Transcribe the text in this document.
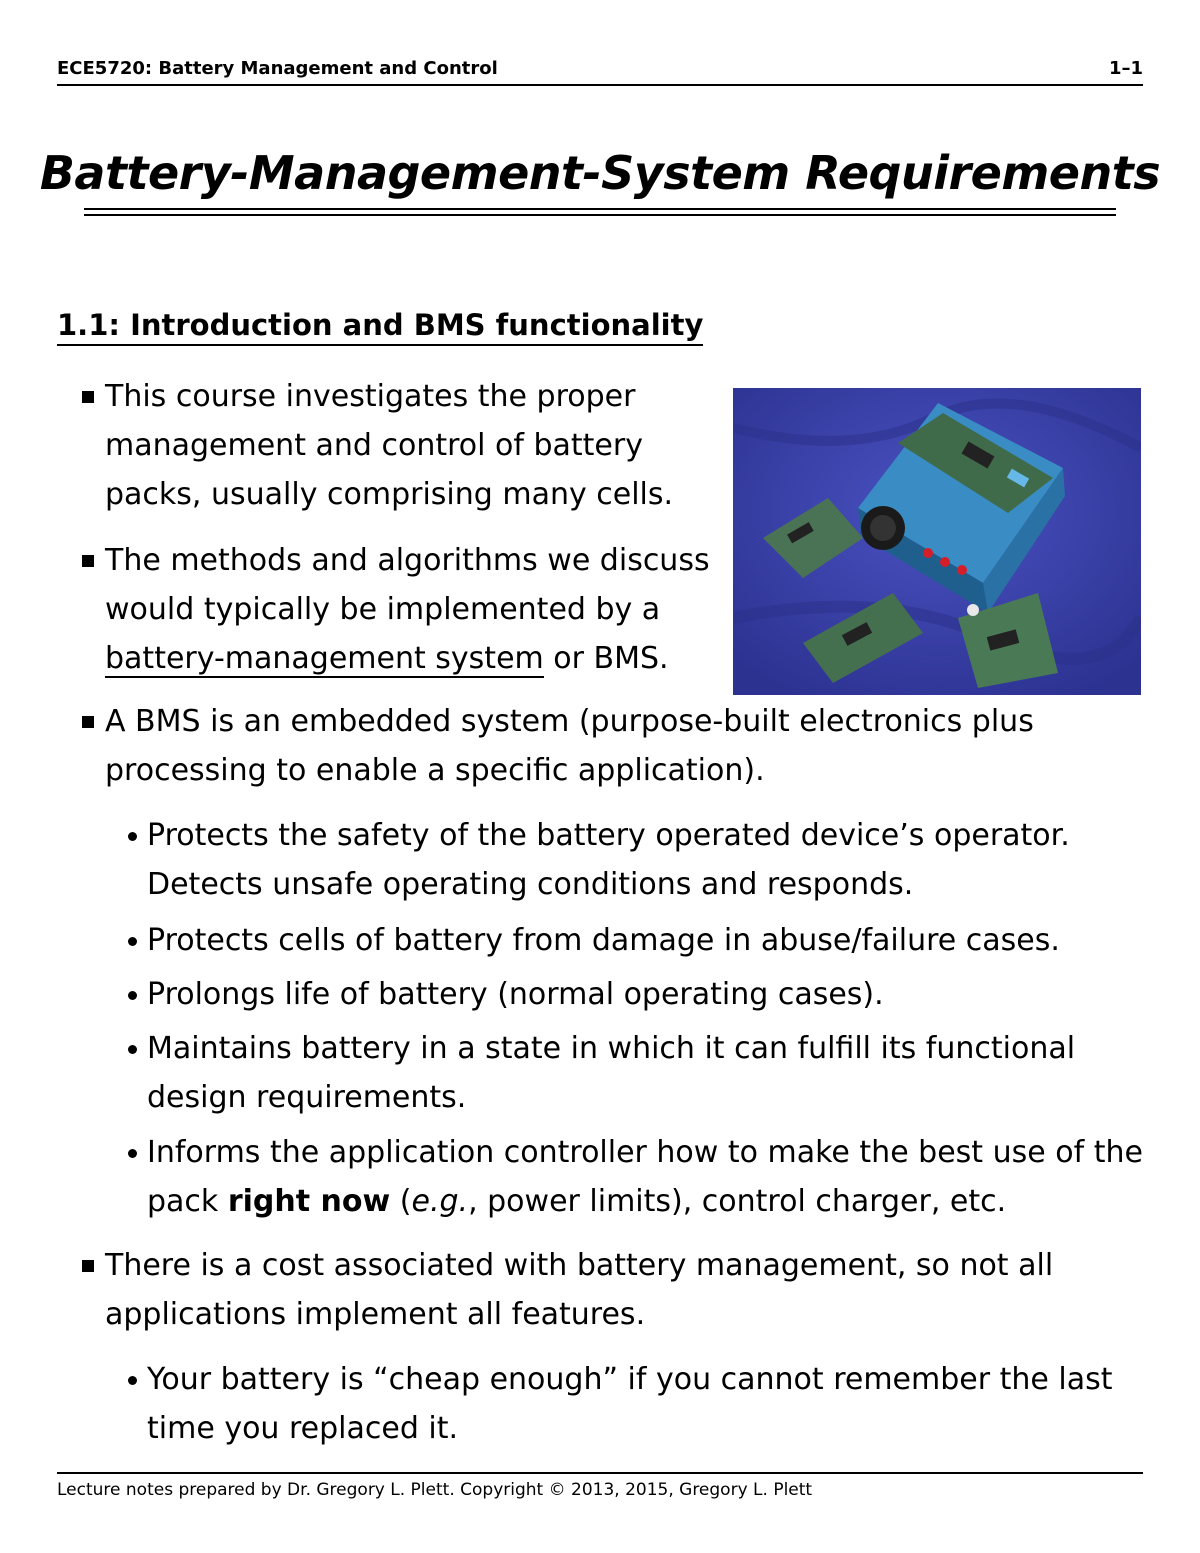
ECE5720: Battery Management and Control	1–1
Battery-Management-System Requirements
1.1: Introduction and BMS functionality
This course investigates the proper
management and control of battery
packs, usually comprising many cells.
The methods and algorithms we discuss
would typically be implemented by a
battery-management system or BMS.
A BMS is an embedded system (purpose-built electronics plus
processing to enable a specific application).
Protects the safety of the battery operated device’s operator.
Detects unsafe operating conditions and responds.
Protects cells of battery from damage in abuse/failure cases.
Prolongs life of battery (normal operating cases).
Maintains battery in a state in which it can fulfill its functional
design requirements.
Informs the application controller how to make the best use of the
pack right now (e.g., power limits), control charger, etc.
There is a cost associated with battery management, so not all
applications implement all features.
Your battery is “cheap enough” if you cannot remember the last
time you replaced it.
Lecture notes prepared by Dr. Gregory L. Plett. Copyright © 2013, 2015, Gregory L. Plett
